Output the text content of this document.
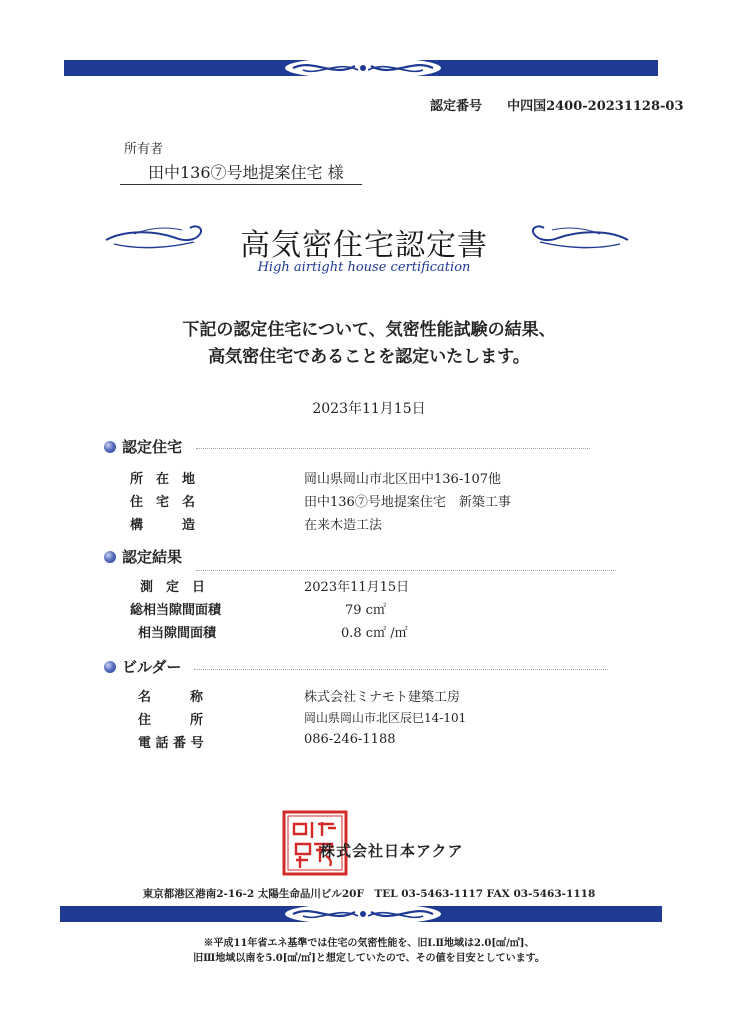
認定番号 中四国2400-20231128-03
所有者
田中136⑦号地提案住宅 様
高気密住宅認定書
High airtight house certification
下記の認定住宅について、気密性能試験の結果、
高気密住宅であることを認定いたします。
2023年11月15日
認定住宅
所　在　地	岡山県岡山市北区田中136-107他
住　宅　名	田中136⑦号地提案住宅　新築工事
構　　　造	在来木造工法
認定結果
測　定　日	2023年11月15日
総相当隙間面積	79 c㎡
相当隙間面積	0.8 c㎡ /㎡
ビルダー
名　　　称	株式会社ミナモト建築工房
住　　　所	岡山県岡山市北区辰巳14-101
電 話 番 号	086-246-1188
株式会社日本アクア
東京都港区港南2-16-2 太陽生命品川ビル20F　TEL 03-5463-1117 FAX 03-5463-1118
※平成11年省エネ基準では住宅の気密性能を、旧Ⅰ.Ⅱ地域は2.0[㎠/㎡]、
旧Ⅲ地域以南を5.0[㎠/㎡]と想定していたので、その値を目安としています。
